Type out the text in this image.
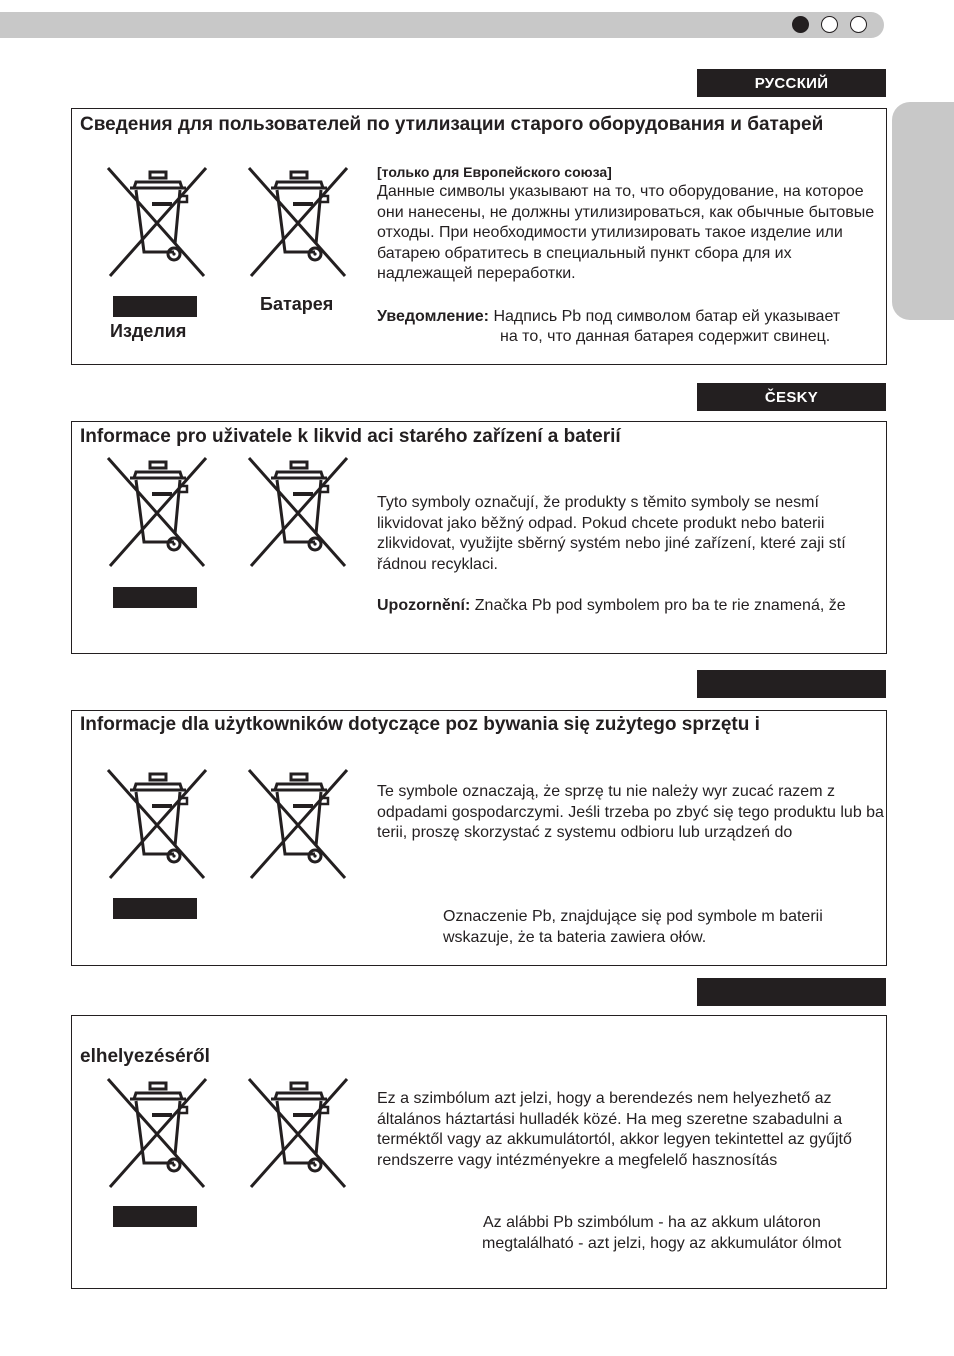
РУССКИЙ
Сведения для пользователей по утилизации старого оборудования и батарей
Изделия
Батарея
[только для Европейского союза]
Данные символы указывают на то, что оборудование, на которое они нанесены, не должны утилизироваться, как обычные бытовые отходы. При необходимости утилизировать такое изделие или батарею обратитесь в специальный пункт сбора для их надлежащей переработки.
Уведомление: Надпись Pb под символом батар ей указывает
на то, что данная батарея содержит свинец.
ČESKY
Informace pro uživatele k likvid aci starého zařízení a baterií
Tyto symboly označují, že produkty s těmito symboly se nesmí likvidovat jako běžný odpad. Pokud chcete produkt nebo baterii zlikvidovat, využijte sběrný systém nebo jiné zařízení, které zaji stí řádnou recyklaci.
Upozornění: Značka Pb pod symbolem pro ba te rie znamená, že
Informacje dla użytkowników dotyczące poz bywania się zużytego sprzętu i
Te symbole oznaczają, że sprzę tu nie należy wyr zucać razem z odpadami gospodarczymi. Jeśli trzeba po zbyć się tego produktu lub ba terii, proszę skorzystać z systemu odbioru lub urządzeń do
Oznaczenie Pb, znajdujące się pod symbole m baterii
wskazuje, że ta bateria zawiera ołów.
elhelyezéséről
Ez a szimbólum azt jelzi, hogy a berendezés nem helyezhető az általános háztartási hulladék közé. Ha meg szeretne szabadulni a terméktől vagy az akkumulátortól, akkor legyen tekintettel az gyűjtő rendszerre vagy intézményekre a megfelelő hasznosítás
Az alábbi Pb szimbólum - ha az akkum ulátoron
megtalálható - azt jelzi, hogy az akkumulátor ólmot
